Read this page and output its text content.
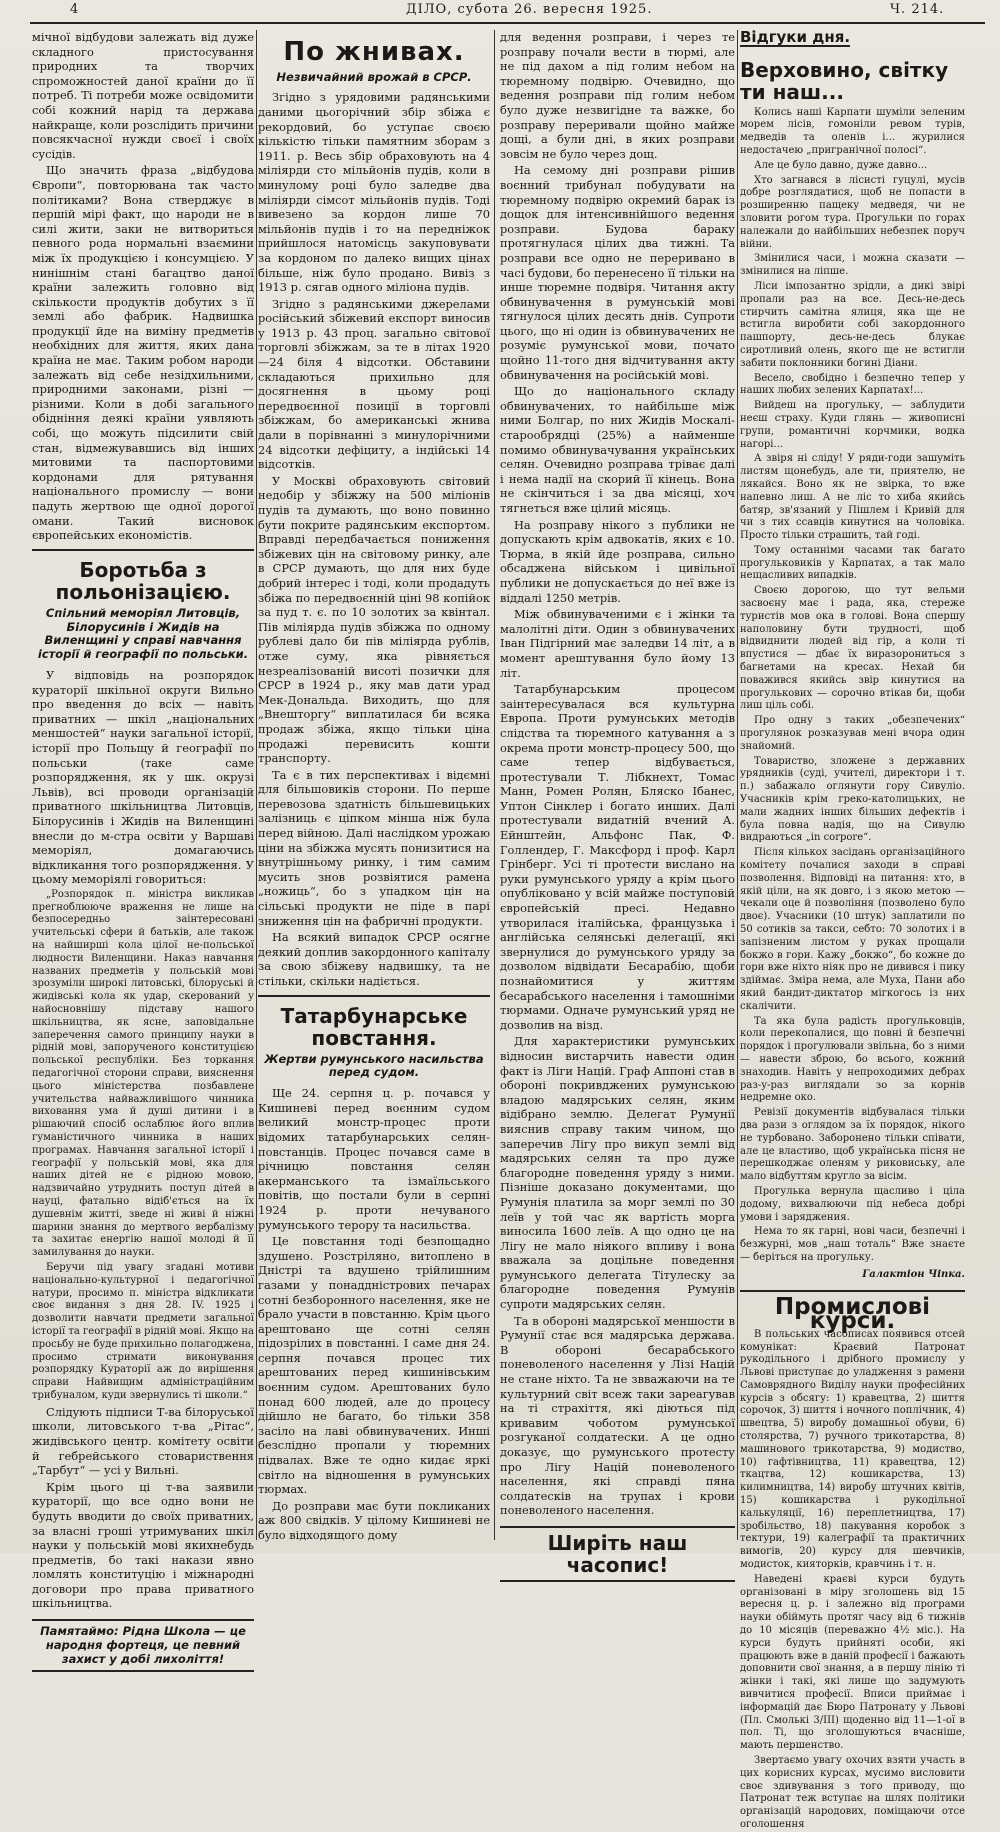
4	ДІЛО, субота 26. вересня 1925.	Ч. 214.

мічної відбудови залежать від дуже складного пристосування природних та творчих спроможностей даної країни до її потреб. Ті потреби може освідомити собі кожний нарід та держава найкраще, коли розслідить причини повсякчасної нужди своєї і своїх сусідів.

Що значить фраза „відбудова Європи“, повторювана так часто політиками? Вона стверджує в першій мірі факт, що народи не в силі жити, заки не витвориться певного рода нормальні взаємини між їх продукцією і консумцією. У нинішнім стані багацтво даної країни залежить головно від скількости продуктів добутих з її землі або фабрик. Надвишка продукції йде на виміну предметів необхідних для життя, яких дана країна не має. Таким робом народи залежать від себе незідхильними, природними законами, різні — різними. Коли в добі загального обідніння деякі країни уявляють собі, що можуть підсилити свій стан, відмежувавшись від інших митовими та паспортовими кордонами для рятування національного промислу — вони падуть жертвою ще одної дорогої омани. Такий висновок європейських економістів.

Боротьба з польонізацією.
Спільний меморіял Литовців, Білорусинів і Жидів на Виленщині у справі навчання історії й географії по польськи.

У відповідь на розпорядок кураторії шкільної округи Вильно про введення до всіх — навіть приватних — шкіл „національних меншостей“ науки загальної історії, історії про Польщу й географії по польськи (таке саме розпорядження, як у шк. окрузі Львів), всі проводи організацій приватного шкільництва Литовців, Білорусинів і Жидів на Виленщині внесли до м-стра освіти у Варшаві меморіял, домагаючись відкликання того розпорядження. У цьому меморіялі говориться:

„Розпорядок п. міністра викликав прегноблююче враження не лише на безпосередньо заінтересовані учительські сфери й батьків, але також на найширші кола цілої не-польської людности Виленщини. Наказ навчання названих предметів у польській мові зрозуміли широкі литовські, білоруські й жидівські кола як удар, скерований у найосновнішу підставу нашого шкільництва, як ясне, заповідальне заперечення самого принципу науки в рідній мові, запорученого конституцією польської республіки. Без торкання педагогічної сторони справи, вияснення цього міністерства позбавлене учительства найважливішого чинника виховання ума й душі дитини і в рішаючий спосіб ослаблює його вплив гуманістичного чинника в наших програмах. Навчання загальної історії і географії у польській мові, яка для наших дітей не є рідною мовою, надзвичайно утруднить поступ дітей в науці, фатально відіб'ється на їх душевнім житті, зведе ні живі й ніжні шарини знання до мертвого вербалізму та захитає енергію нашої молоді й її замилування до науки.

Беручи під увагу згадані мотиви національно-культурної і педагогічної натури, просимо п. міністра відкликати своє видання з дня 28. IV. 1925 і дозволити навчати предмети загальної історії та географії в рідній мові. Якщо на просьбу не буде прихильно полагоджена, просимо стримати виконування розпорядку Кураторії аж до вирішення справи Найвищим адміністраційним трибуналом, куди звернулись ті школи.“

Слідують підписи Т-ва білоруської школи, литовського т-ва „Рітас“, жидівського центр. комітету освіти й гебрейського стовариствення „Тарбут“ — усі у Вильні.

Крім цього ці т-ва заявили кураторії, що все одно вони не будуть вводити до своїх приватних, за власні гроші утримуваних шкіл науки у польській мові якихнебудь предметів, бо такі накази явно ломлять конституцію і міжнародні договори про права приватного шкільництва.

Памятаймо: Рідна Школа — це народня фортеця, це певний захист у добі лихоліття!
По жнивах.
Незвичайний врожай в СРСР.

Згідно з урядовими радянськими даними цьогорічний збір збіжа є рекордовий, бо уступає своєю кількістю тільки памятним зборам з 1911. р. Весь збір обраховують на 4 міліярди сто мільйонів пудів, коли в минулому році було заледве два міліярди сімсот мільйонів пудів. Тоді вивезено за кордон лише 70 мільйонів пудів і то на передніжок прийшлося натомісць закуповувати за кордоном по далеко вищих цінах більше, ніж було продано. Вивіз з 1913 р. сягав одного міліона пудів.

Згідно з радянськими джерелами російський збіжевий експорт виносив у 1913 р. 43 проц. загально світової торговлі збіжжам, за те в літах 1920—24 біля 4 відсотки. Обставини складаються прихильно для досягнення в цьому році передвоєнної позиції в торговлі збіжжам, бо американські жнива дали в порівнанні з минулорічними 24 відсотки дефіциту, а індійські 14 відсотків.

У Москві обраховують світовий недобір у збіжжу на 500 міліонів пудів та думають, що воно повинно бути покрите радянським експортом. Вправді передбачається пониження збіжевих цін на світовому ринку, але в СРСР думають, що для них буде добрий інтерес і тоді, коли продадуть збіжа по передвоєнній ціні 98 копійок за пуд т. є. по 10 золотих за квінтал. Пів міліярда пудів збіжжа по одному рублеві дало би пів міліярда рублів, отже суму, яка рівняється незреалізованій висоті позички для СРСР в 1924 р., яку мав дати урад Мек-Дональда. Виходить, що для „Внешторгу“ виплатилася би всяка продаж збіжа, якщо тільки ціна продажі перевисить кошти транспорту.

Та є в тих перспективах і відємні для більшовиків сторони. По перше перевозова здатність більшевицьких залізниць є ціпком мінша ніж була перед війною. Далі наслідком урожаю ціни на збіжжа мусять понизитися на внутрішньому ринку, і тим самим мусить знов розвіятися рамена „ножиць“, бо з упадком цін на сільські продукти не піде в парі зниження цін на фабричні продукти.

На всякий випадок СРСР осягне деякий доплив закордонного капіталу за свою збіжеву надвишку, та не стільки, скільки надіється.

Татарбунарське повстання.
Жертви румунського насильства перед судом.

Ще 24. серпня ц. р. почався у Кишиневі перед воєнним судом великий монстр-процес проти відомих татарбунарських селян-повстанців. Процес почався саме в річницю повстання селян акерманського та ізмаїльського повітів, що постали були в серпні 1924 р. проти нечуваного румунського терору та насильства.

Це повстання тоді безпощадно здушено. Розстріляно, витоплено в Дністрі та вдушено трійлишним газами у понаддністрових печарах сотні безборонного населення, яке не брало участи в повстанню. Крім цього арештовано ще сотні селян підозрілих в повстанні. І саме дня 24. серпня почався процес тих арештованих перед кишинівським воєнним судом. Арештованих було понад 600 людей, але до процесу дійшло не багато, бо тільки 358 засіло на лаві обвинувачених. Инші безслідно пропали у тюремних підвалах. Вже те одно кидає яркі світло на відношення в румунських тюрмах.

До розправи має бути покликаних аж 800 свідків. У цілому Кишиневі не було відходящого дому

для ведення розправи, і через те розправу почали вести в тюрмі, але не під дахом а під голим небом на тюремному подвірю. Очевидно, що ведення розправи під голим небом було дуже незвигідне та важке, бо розправу переривали щойно майже дощі, а були дні, в яких розправи зовсім не було через дощ.

На семому дні розправи рішив воєнний трибунал побудувати на тюремному подвірю окремий барак із дощок для інтенсивнійшого ведення розправи. Будова бараку протягнулася цілих два тижні. Та розправи все одно не переривано в часі будови, бо перенесено її тільки на инше тюремне подвіря. Читання акту обвинувачення в румунській мові тягнулося цілих десять днів. Супроти цього, що ні один із обвинувачених не розуміє румунської мови, почато щойно 11-того дня відчитування акту обвинувачення на російській мові.

Що до національного складу обвинувачених, то найбільше між ними Болгар, по них Жидів Москалі-старообрядці (25%) а найменше помимо обвинувачування українських селян. Очевидно розправа тріває далі і нема надії на скорий її кінець. Вона не скінчиться і за два місяці, хоч тягнеться вже цілий місяць.

На розправу нікого з публики не допускають крім адвокатів, яких є 10. Тюрма, в якій йде розправа, сильно обсаджена військом і цивільної публики не допускається до неї вже із віддалі 1250 метрів.

Між обвинуваченими є і жінки та малолітні діти. Один з обвинувачених Іван Підгірний має заледви 14 літ, а в момент арештування було йому 13 літ.

Татарбунарським процесом заінтересувалася вся культурна Европа. Проти румунських методів слідства та тюремного катування а з окрема проти монстр-процесу 500, що саме тепер відбувається, протестували Т. Лібкнехт, Томас Манн, Ромен Ролян, Бляско Ібанес, Уптон Сінклер і богато инших. Далі протестували видатній вчений А. Ейнштейн, Альфонс Пак, Ф. Голлендер, Г. Максфорд і проф. Карл Грінберг. Усі ті протести вислано на руки румунського уряду а крім цього опубліковано у всій майже поступовій європейській пресі. Недавно утворилася італійська, французька і англійська селянські делегації, які звернулися до румунського уряду за дозволом відвідати Бесарабію, щоби познайомитися у життям бесарабського населення і тамошніми тюрмами. Одначе румунський уряд не дозволив на візд.

Для характеристики румунських відносин вистарчить навести один факт із Ліги Націй. Граф Аппоні став в обороні покривджених румунською владою мадярських селян, яким відібрано землю. Делегат Румунії вияснив справу таким чином, що заперечив Лігу про викуп землі від мадярських селян та про дуже благородне поведення уряду з ними. Пізніше доказано документами, що Румунія платила за морг землі по 30 леїв у той час як вартість морга виносила 1600 леїв. А що одно це на Лігу не мало ніякого впливу і вона вважала за доцільне поведення румунського делегата Тітулеску за благородне поведення Румунів супроти мадярських селян.

Та в обороні мадярської меншости в Румунії стає вся мадярська держава. В обороні бесарабського поневоленого населення у Лізі Націй не стане ніхто. Та не звважаючи на те культурний світ всеж таки зареагував на ті страхіття, які діються під кривавим чоботом румунської розгуканої солдатески. А це одно доказує, що румунського протесту про Лігу Націй поневоленого населення, які справді пяна солдатесків на трупах і крови поневоленого населення.

Ширіть наш часопис!
Відгуки дня.
Верховино, світку ти наш...

Колись наші Карпати шуміли зеленим морем лісів, гомоніли ревом турів, медведів та оленів і... журилися недостачею „пригранічної полосі“.

Але це було давно, дуже давно...

Хто загнався в лісисті гуцулі, мусів добре розглядатися, щоб не попасти в розширенню пащеку медведя, чи не зловити рогом тура. Прогульки по горах належали до найбільших небезпек поруч війни.

Змінилися часи, і можна сказати — змінилися на ліпше.

Ліси імпозантно зрідли, а дикі звірі пропали раз на все. Десь-не-десь стирчить самітна ялиця, яка ще не встигла виробити собі закордонного пашпорту, десь-не-десь блукає сиротливий олень, якого ще не встигли забити поклонники богині Діани.

Весело, свобідно і безпечно тепер у наших любих зелених Карпатах!...

Вийдеш на прогульку, — заблудити неєш страху. Куди глянь — живописні групи, романтичні корчмики, водка нагорі...

А звіря ні сліду! У ряди-годи зашуміть листям щонебудь, але ти, приятелю, не лякайся. Воно як не звірка, то вже напевно лиш. А не ліс то хиба якийсь батяр, зв'язаний у Пішлем і Кривій для чи з тих ссавців кинутися на чоловіка. Просто тільки страшить, тай годі.

Тому останніми часами так багато прогульковиків у Карпатах, а так мало нещасливих випадків.

Своєю дорогою, що тут вельми засвоєну має і рада, яка, стереже туристів мов ока в голові. Вона спершу наполовину бути трудності, щоб відвиднити людей від гір, а коли ті впустися — дбає їх виразорониться з багнетами на кресах. Нехай би поважився якийсь звір кинутися на прогулькових — сорочно втікав би, щоби лиш ціль собі.

Про одну з таких „обезпечених“ прогулянок розказував мені вчора один знайомий.

Товариство, зложене з державних урядників (суді, учителі, директори і т. п.) забажало оглянути гору Сивуліо. Учасників крім греко-католицьких, не мали жадних інших більших дефектів і була повна надія, що на Сивулю видраються „in corpore“.

Після кількох засідань організаційного комітету почалися заходи в справі позволення. Відповіді на питання: хто, в якій ціли, на як довго, і з якою метою — чекали оце й позвоління (позволено було двоє). Учасники (10 штук) заплатили по 50 сотиків за такси, себто: 70 золотих і в запізненим листом у руках прощали бокжо в гори. Кажу „бокжо“, бо кожне до гори вже ніхто ніяк про не дивився і пику здіймає. Зміра нема, але Муха, Пани або який бандит-диктатор мігкогось із них скалічити.

Та яка була радість прогульковців, коли перекопалися, що повні й безпечні порядок і прогулювали звільна, бо з ними — навести зброю, бо всього, кожний знаходив. Навіть у непроходимих дебрах раз-у-раз виглядали зо за корнів недремне око.

Ревізії документів відбувалася тільки два рази з оглядом за їх порядок, нікого не турбовано. Заборонено тільки співати, але це властиво, щоб українська пісня не перешкоджає оленям у риковиську, але мало відбуттям кругло за вісім.

Прогулька вернула щасливо і ціла додому, вихвалюючи під небеса добрі умови і заряджения.

Нема то як гарні, нові часи, безпечні і безжурні, мов „наш тоталь“ Вже знаєте — беріться на прогульку.

Галактіон Чіпка.
Промислові курси.

В польських часописах появився отсей комунікат: Краєвий Патронат рукодільного і дрібного промислу у Львові приступає до уладження з рамени Самоврядного Виділу науки професійних курсів з обсягу: 1) кравецтва, 2) шиття сорочок, 3) шиття і ночного поплічник, 4) швецтва, 5) виробу домашньої обуви, 6) столярства, 7) ручного трикотарства, 8) машинового трикотарства, 9) модиство, 10) гафтівництва, 11) кравецтва, 12) ткацтва, 12) кошикарства, 13) килимництва, 14) виробу штучних квітів, 15) кошикарства і рукодільної калькуляції, 16) переплетництва, 17) зробільство, 18) пакування коробок з тектури, 19) калеґрафії та практичних вимогів, 20) курсу для шевчиків, модисток, кияторків, кравчинь і т. н.

Наведені краєві курси будуть організовані в міру зголошень від 15 вересня ц. р. і залежно від програми науки обіймуть протяг часу від 6 тижнів до 10 місяців (переважно 4½ міс.). На курси будуть прийняті особи, які працюють вже в даній професії і бажають доповнити свої знання, а в першу лінію ті жінки і такі, які лише що задумують вивчитися професії. Вписи приймає і інформацій дає Бюро Патронату у Львові (Пл. Смолькі 3/III) щоденно від 11—1-ої в пол. Ті, що зголошуються вчасніше, мають першенство.

Звертаємо увагу охочих взяти участь в цих корисних курсах, мусимо висловити своє здивування з того приводу, що Патронат теж вступає на шлях політики організацій народових, поміщаючи отсе оголошення
